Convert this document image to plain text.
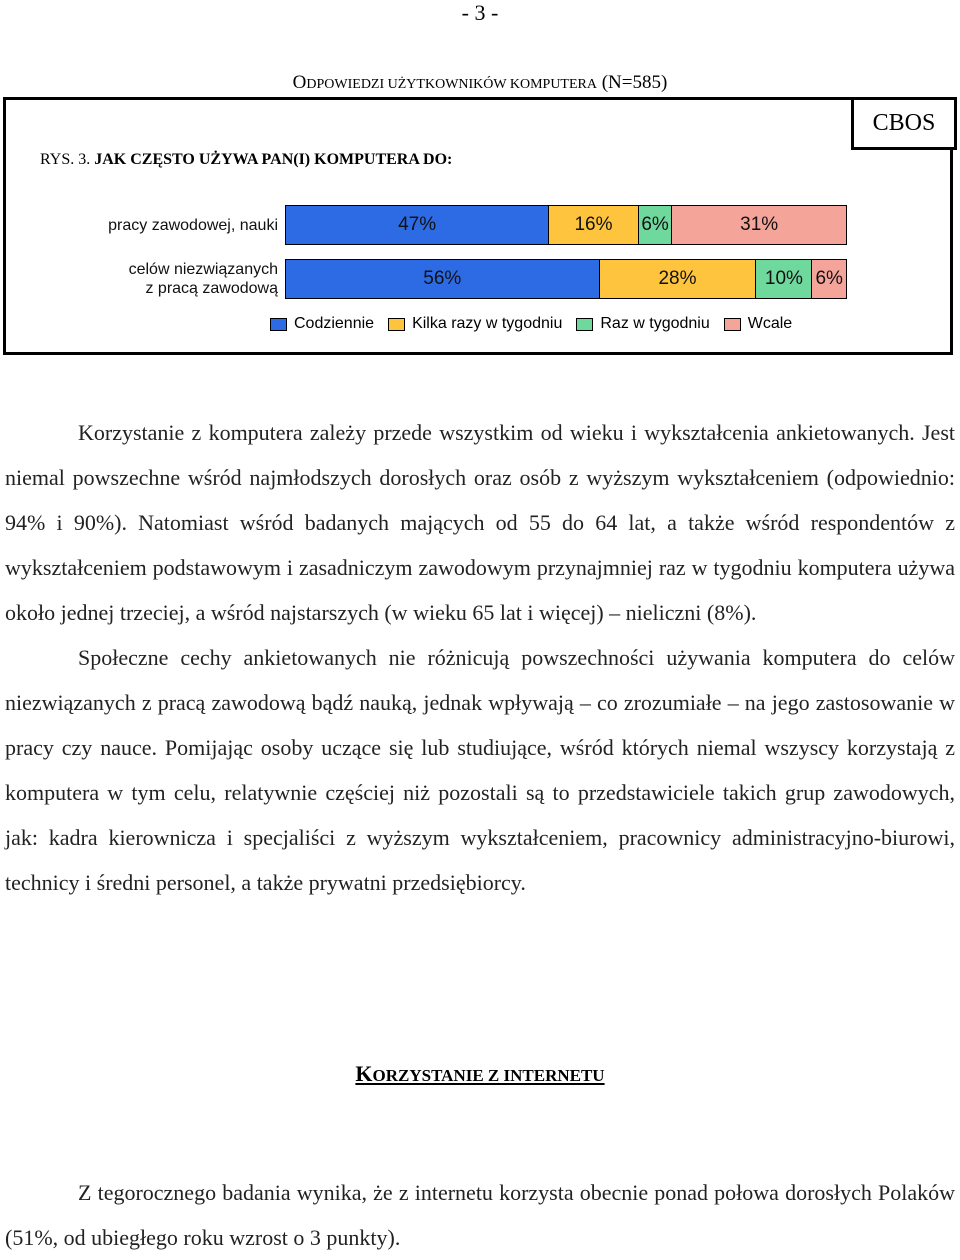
- 3 -
ODPOWIEDZI UŻYTKOWNIKÓW KOMPUTERA (N=585)
CBOS
RYS. 3. JAK CZĘSTO UŻYWA PAN(I) KOMPUTERA DO:
pracy zawodowej, nauki	47%	16%	6%	31%
celów niezwiązanych
z pracą zawodową	56%	28%	10% 6%
Codziennie Kilka razy w tygodniu Raz w tygodniu Wcale

Korzystanie z komputera zależy przede wszystkim od wieku i wykształcenia ankietowanych. Jest niemal powszechne wśród najmłodszych dorosłych oraz osób z wyższym wykształceniem (odpowiednio: 94% i 90%). Natomiast wśród badanych mających od 55 do 64 lat, a także wśród respondentów z wykształceniem podstawowym i zasadniczym zawodowym przynajmniej raz w tygodniu komputera używa około jednej trzeciej, a wśród najstarszych (w wieku 65 lat i więcej) – nieliczni (8%).

Społeczne cechy ankietowanych nie różnicują powszechności używania komputera do celów niezwiązanych z pracą zawodową bądź nauką, jednak wpływają – co zrozumiałe – na jego zastosowanie w pracy czy nauce. Pomijając osoby uczące się lub studiujące, wśród których niemal wszyscy korzystają z komputera w tym celu, relatywnie częściej niż pozostali są to przedstawiciele takich grup zawodowych, jak: kadra kierownicza i specjaliści z wyższym wykształceniem, pracownicy administracyjno-biurowi, technicy i średni personel, a także prywatni przedsiębiorcy.

KORZYSTANIE Z INTERNETU

Z tegorocznego badania wynika, że z internetu korzysta obecnie ponad połowa dorosłych Polaków (51%, od ubiegłego roku wzrost o 3 punkty).
